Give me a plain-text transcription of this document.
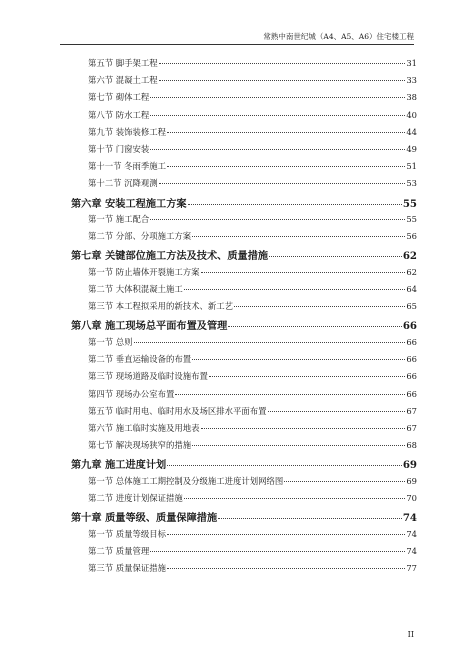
常熟中南世纪城（A4、A5、A6）住宅楼工程
第五节 脚手架工程	31
第六节 混凝土工程	33
第七节 砌体工程	38
第八节 防水工程	40
第九节 装饰装修工程	44
第十节 门窗安装	49
第十一节 冬雨季施工	51
第十二节 沉降观测	53
第六章 安装工程施工方案	55
第一节 施工配合	55
第二节 分部、分项施工方案	56
第七章 关键部位施工方法及技术、质量措施	62
第一节 防止墙体开裂施工方案	62
第二节 大体积混凝土施工	64
第三节 本工程拟采用的新技术、新工艺	65
第八章 施工现场总平面布置及管理	66
第一节 总则	66
第二节 垂直运输设备的布置	66
第三节 现场道路及临时设施布置	66
第四节 现场办公室布置	66
第五节 临时用电、临时用水及场区排水平面布置	67
第六节 施工临时实施及用地表	67
第七节 解决现场狭窄的措施	68
第九章 施工进度计划	69
第一节 总体施工工期控制及分级施工进度计划网络图	69
第二节 进度计划保证措施	70
第十章 质量等级、质量保障措施	74
第一节 质量等级目标	74
第二节 质量管理	74
第三节 质量保证措施	77
II
